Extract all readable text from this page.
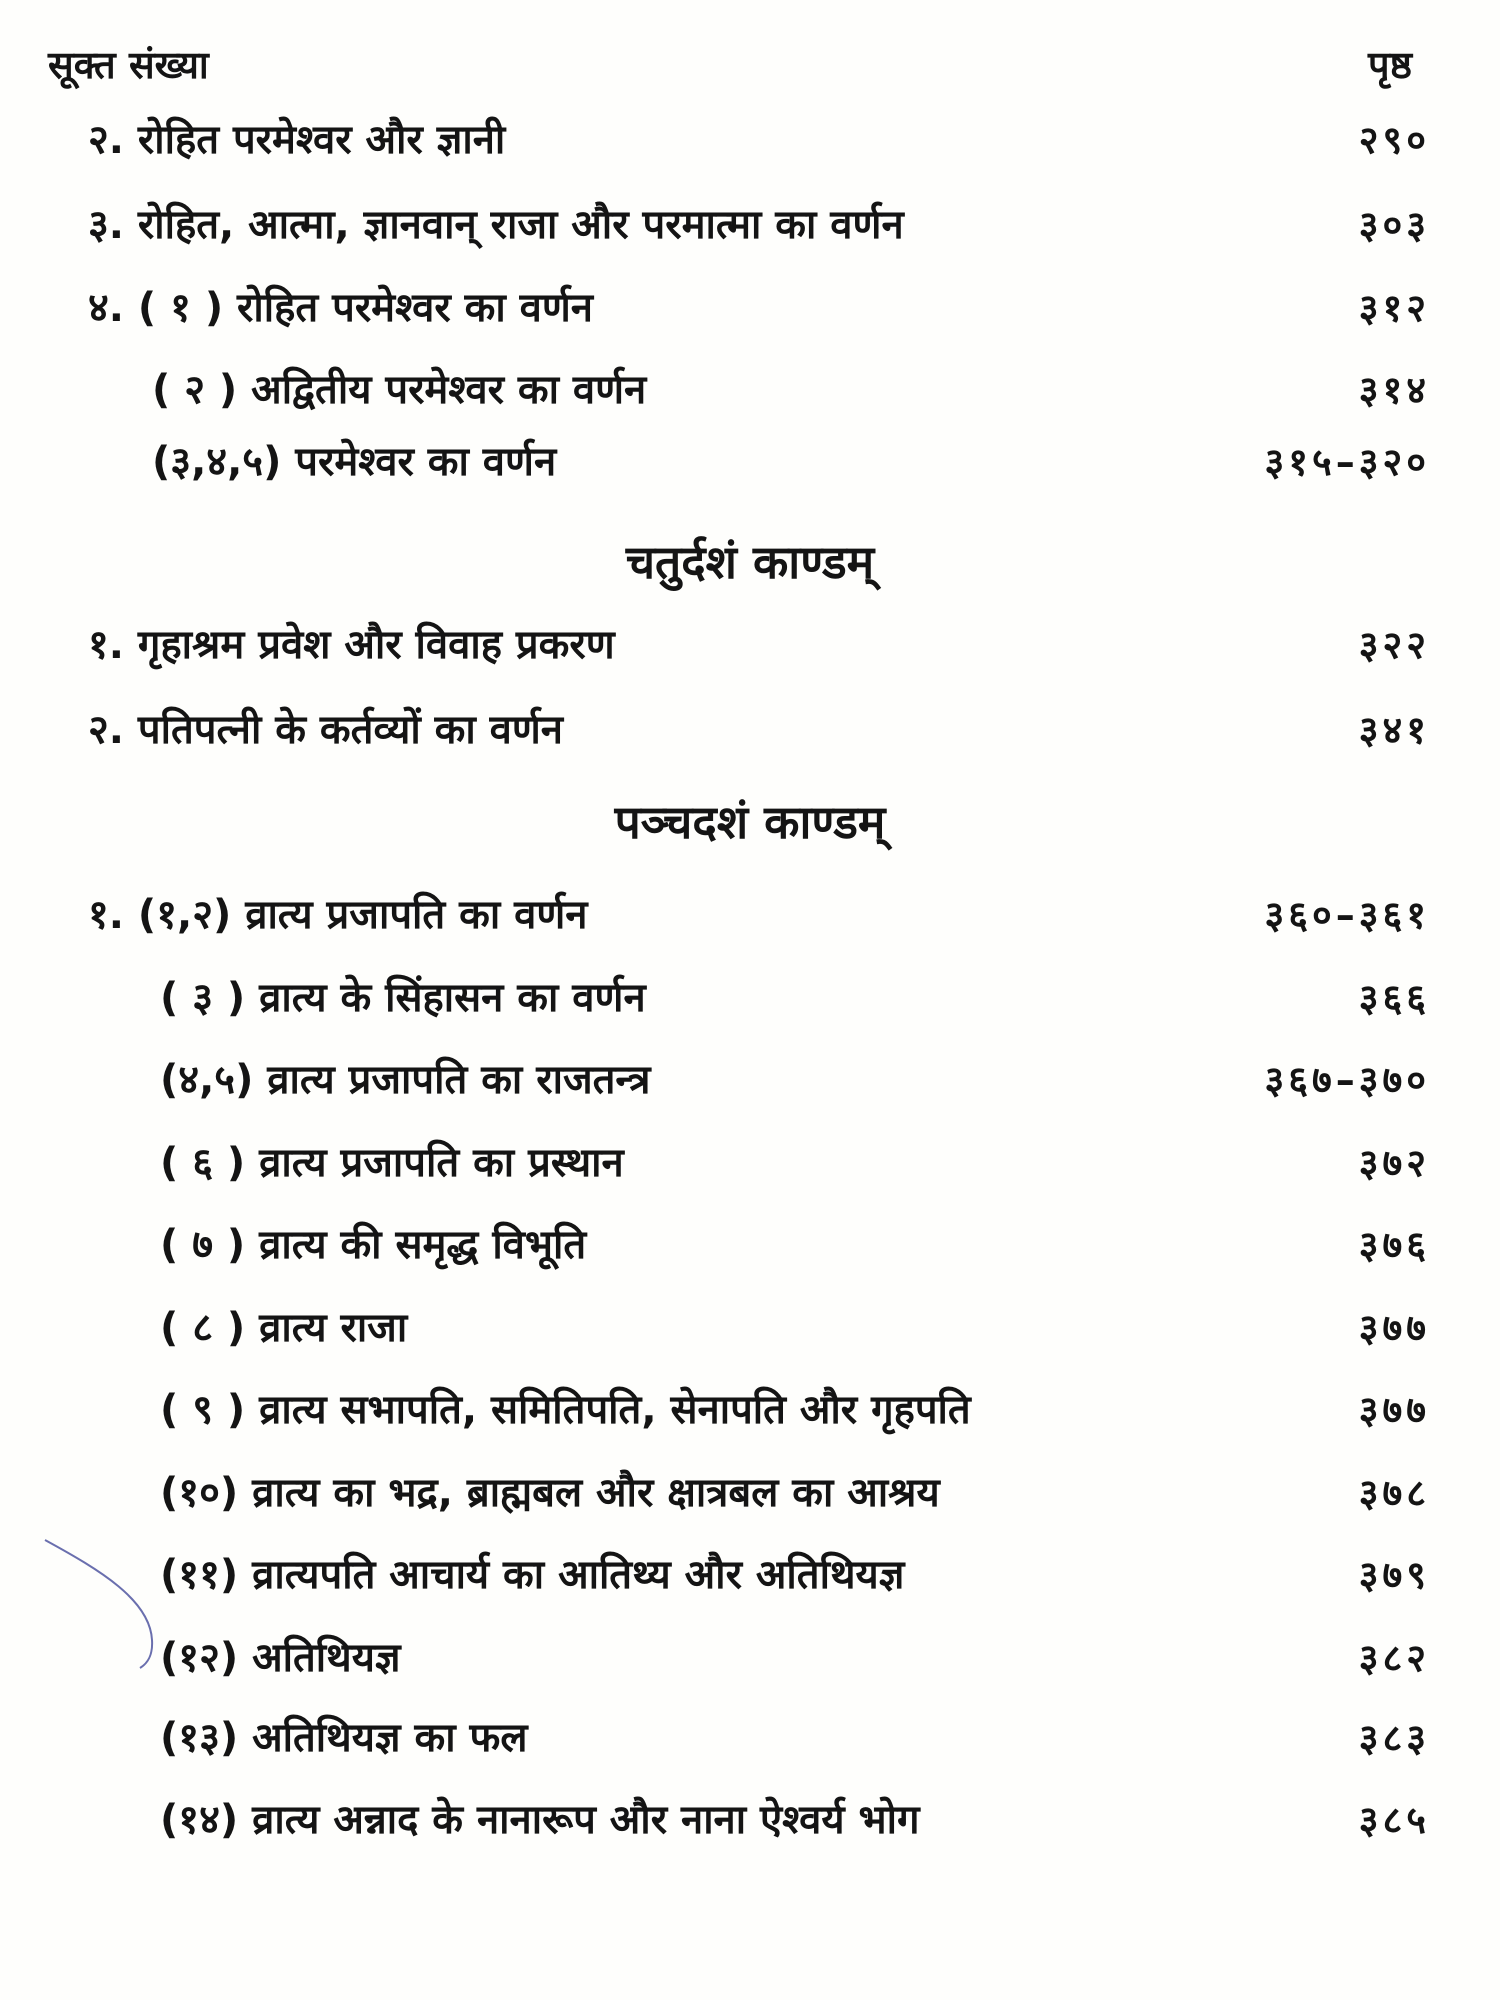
सूक्त संख्या	पृष्ठ
२. रोहित परमेश्वर और ज्ञानी	२९०
३. रोहित, आत्मा, ज्ञानवान् राजा और परमात्मा का वर्णन	३०३
४. ( १ ) रोहित परमेश्वर का वर्णन	३१२
( २ ) अद्वितीय परमेश्वर का वर्णन	३१४
(३,४,५) परमेश्वर का वर्णन	३१५–३२०
चतुर्दशं काण्डम्
१. गृहाश्रम प्रवेश और विवाह प्रकरण	३२२
२. पतिपत्नी के कर्तव्यों का वर्णन	३४१
पञ्चदशं काण्डम्
१. (१,२) व्रात्य प्रजापति का वर्णन	३६०–३६१
( ३ ) व्रात्य के सिंहासन का वर्णन	३६६
(४,५) व्रात्य प्रजापति का राजतन्त्र	३६७–३७०
( ६ ) व्रात्य प्रजापति का प्रस्थान	३७२
( ७ ) व्रात्य की समृद्ध विभूति	३७६
( ८ ) व्रात्य राजा	३७७
( ९ ) व्रात्य सभापति, समितिपति, सेनापति और गृहपति	३७७
(१०) व्रात्य का भद्र, ब्राह्मबल और क्षात्रबल का आश्रय	३७८
(११) व्रात्यपति आचार्य का आतिथ्य और अतिथियज्ञ	३७९
(१२) अतिथियज्ञ	३८२
(१३) अतिथियज्ञ का फल	३८३
(१४) व्रात्य अन्नाद के नानारूप और नाना ऐश्वर्य भोग	३८५
